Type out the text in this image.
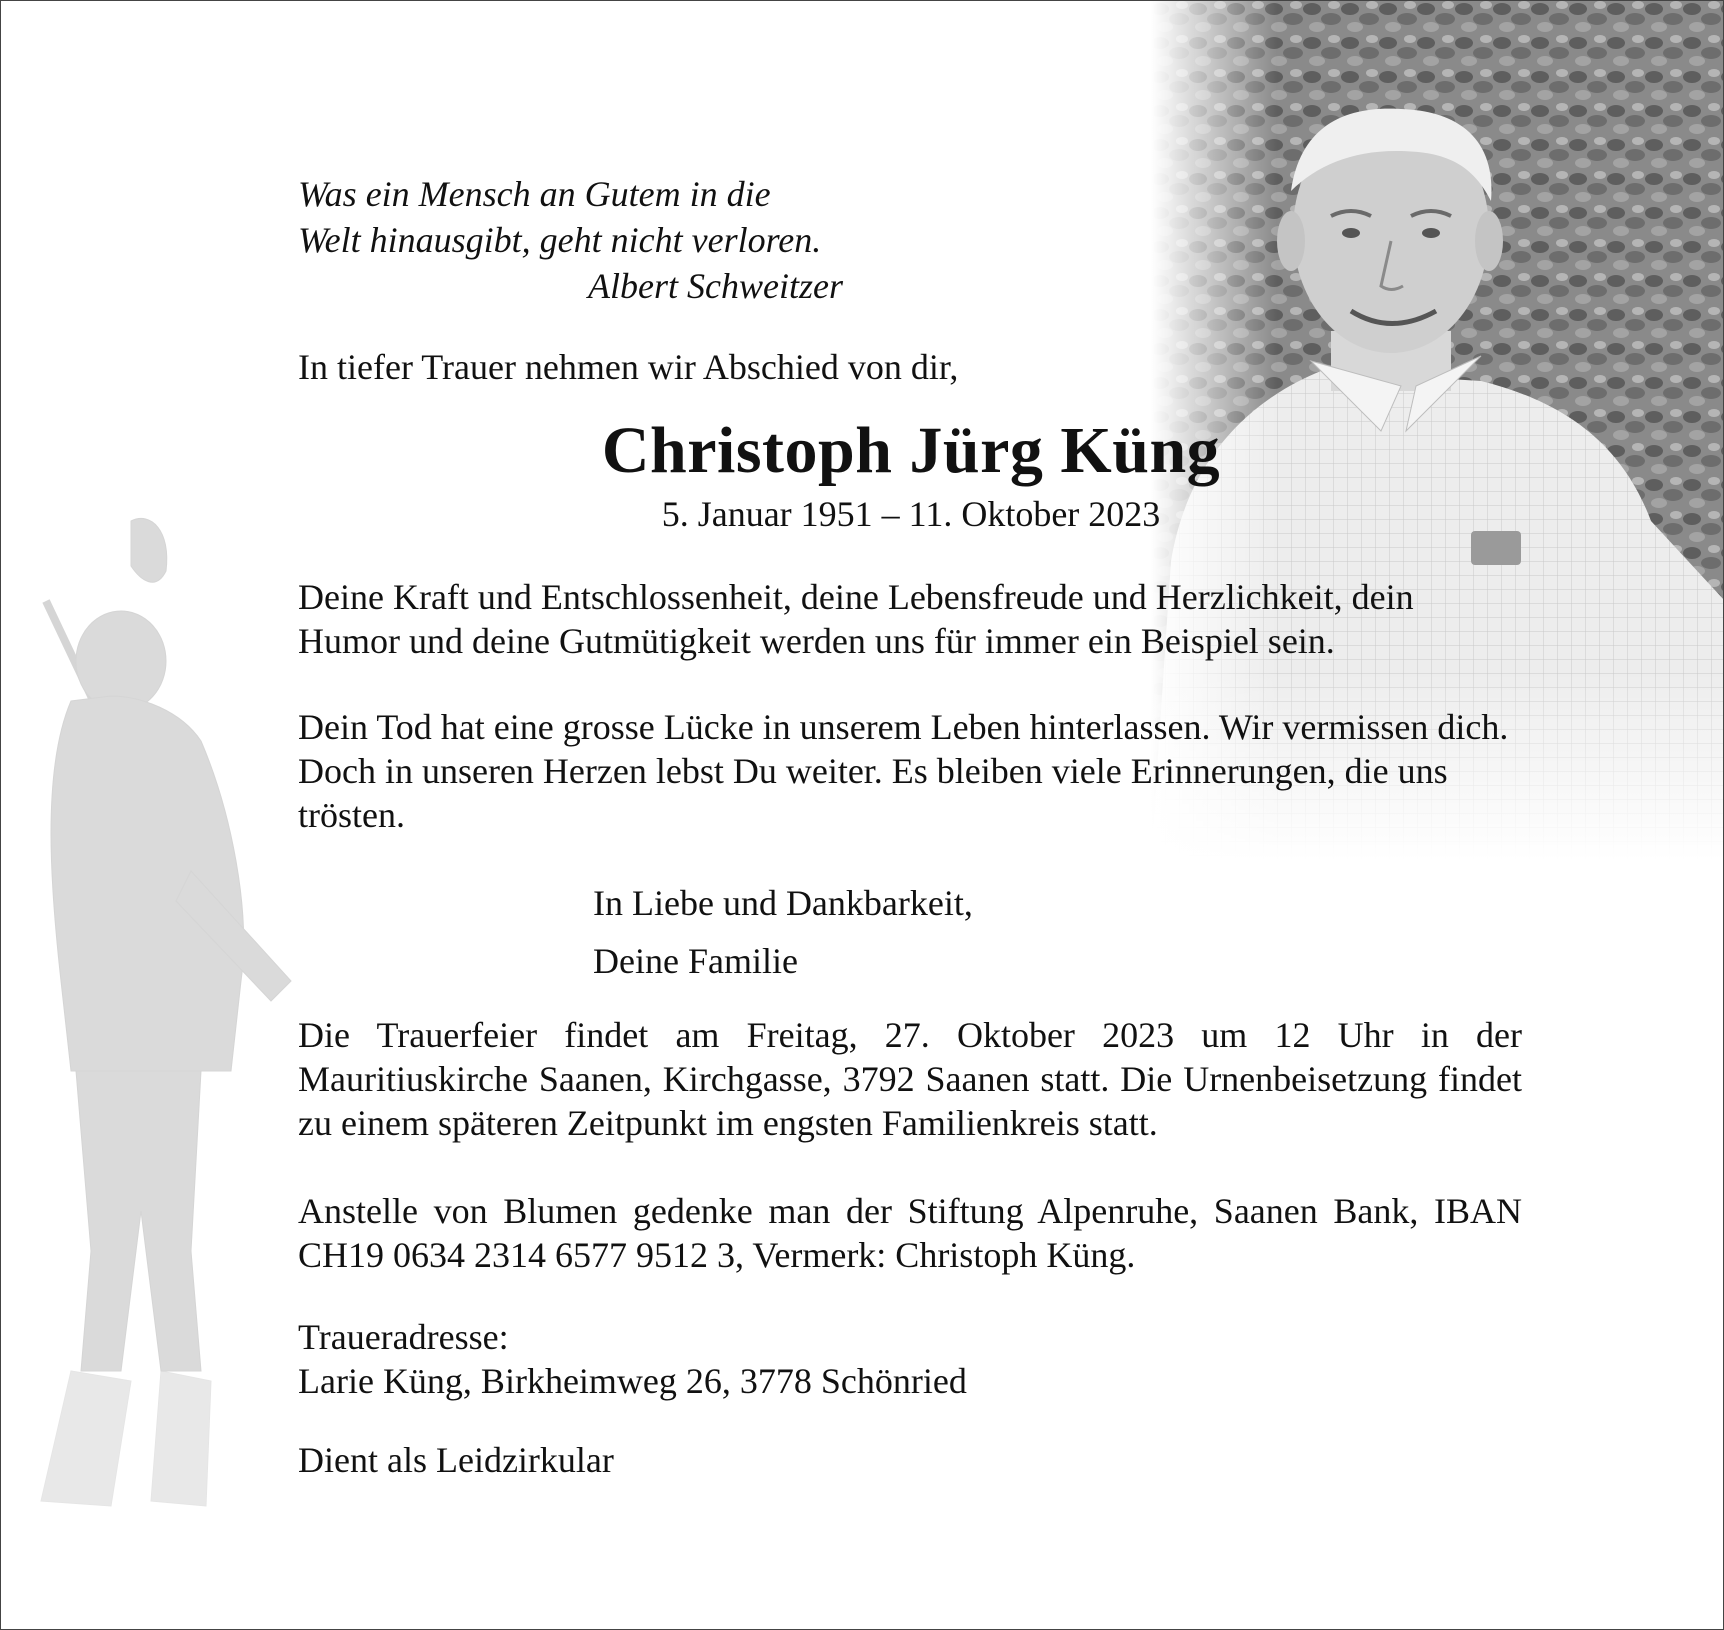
Was ein Mensch an Gutem in die
Welt hinausgibt, geht nicht verloren.

Albert Schweitzer
In tiefer Trauer nehmen wir Abschied von dir,
Christoph Jürg Küng
5. Januar 1951 – 11. Oktober 2023
Deine Kraft und Entschlossenheit, deine Lebensfreude und Herzlichkeit, dein Humor und deine Gutmütigkeit werden uns für immer ein Beispiel sein.
Dein Tod hat eine grosse Lücke in unserem Leben hinterlassen. Wir vermissen dich. Doch in unseren Herzen lebst Du weiter. Es bleiben viele Erinnerungen, die uns trösten.
In Liebe und Dankbarkeit,
Deine Familie
Die Trauerfeier findet am Freitag, 27. Oktober 2023 um 12 Uhr in der Mauritiuskirche Saanen, Kirchgasse, 3792 Saanen statt. Die Urnenbeisetzung findet zu einem späteren Zeitpunkt im engsten Familienkreis statt.
Anstelle von Blumen gedenke man der Stiftung Alpenruhe, Saanen Bank, IBAN CH19 0634 2314 6577 9512 3, Vermerk: Christoph Küng.
Traueradresse:
Larie Küng, Birkheimweg 26, 3778 Schönried
Dient als Leidzirkular
